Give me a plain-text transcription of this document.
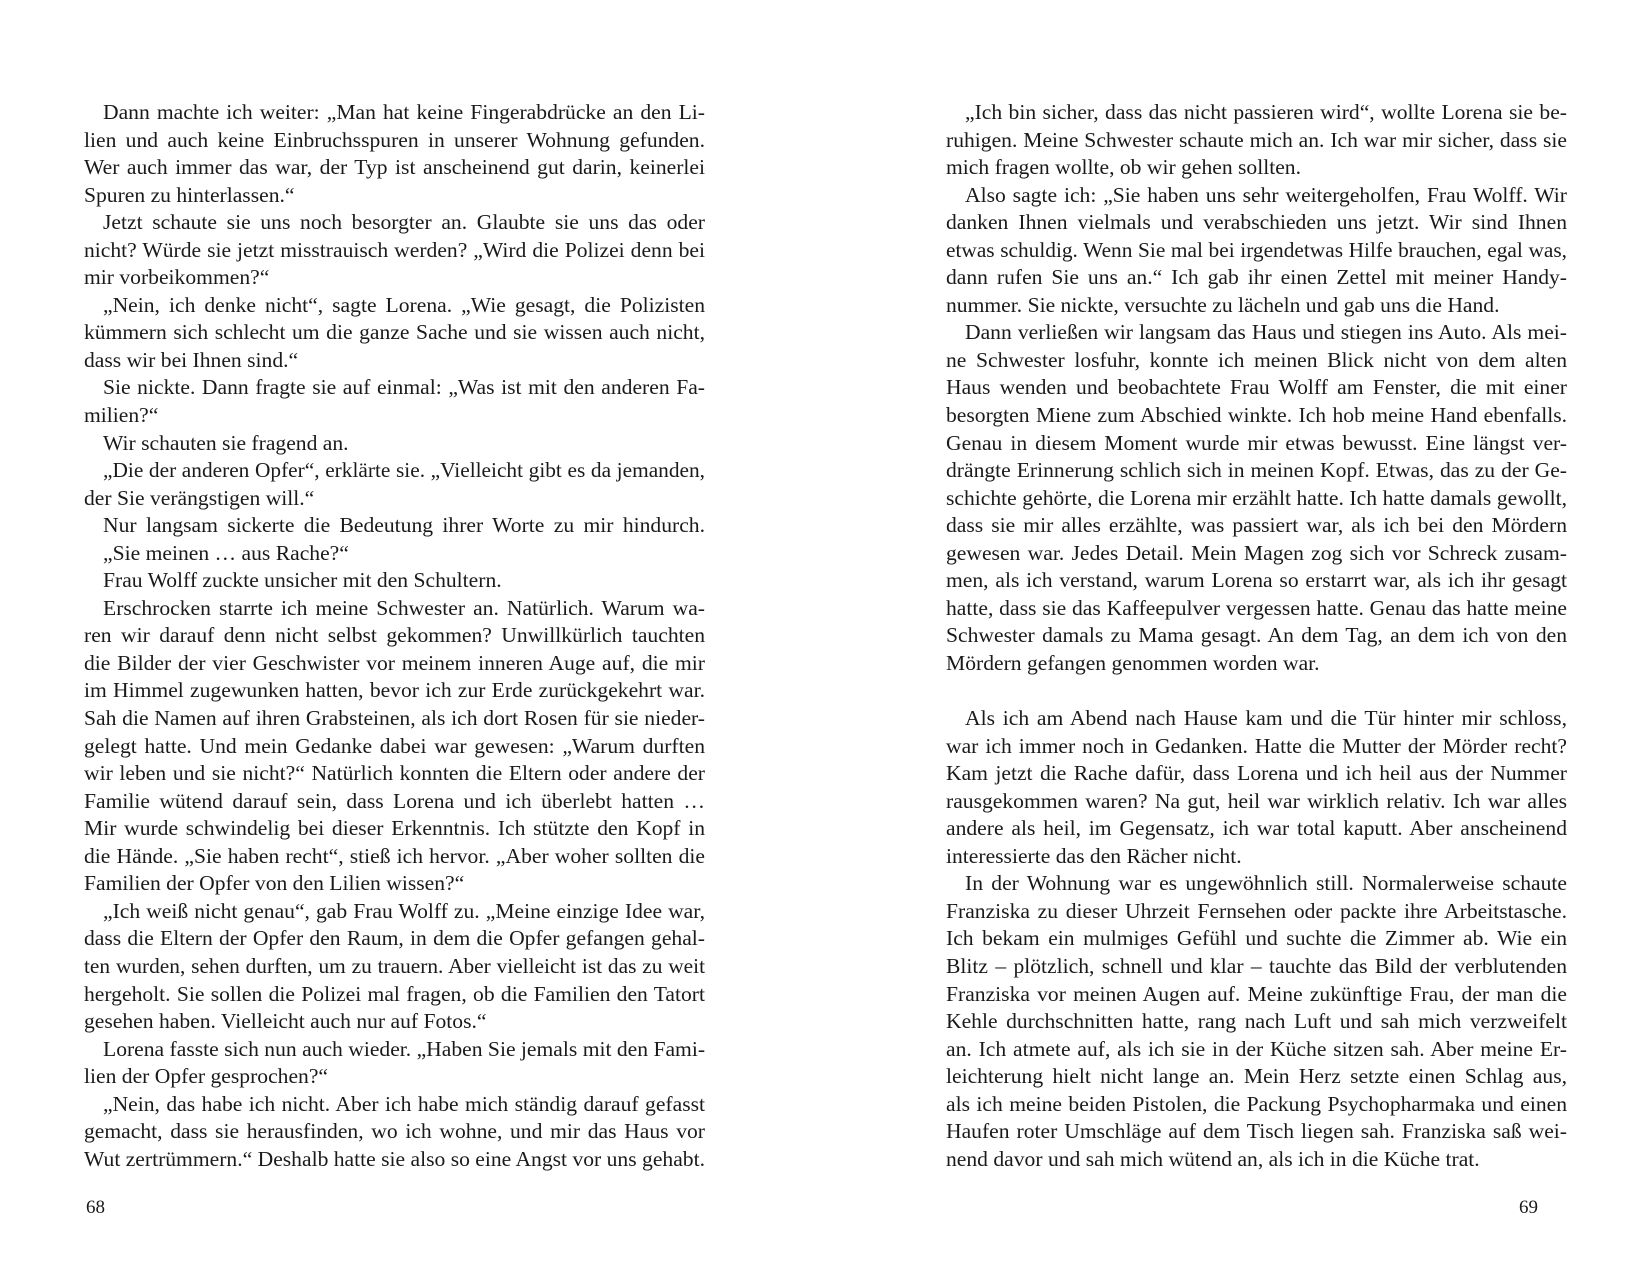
Dann machte ich weiter: „Man hat keine Fingerabdrücke an den Li-
lien und auch keine Einbruchsspuren in unserer Wohnung gefunden.
Wer auch immer das war, der Typ ist anscheinend gut darin, keinerlei
Spuren zu hinterlassen.“
Jetzt schaute sie uns noch besorgter an. Glaubte sie uns das oder
nicht? Würde sie jetzt misstrauisch werden? „Wird die Polizei denn bei
mir vorbeikommen?“
„Nein, ich denke nicht“, sagte Lorena. „Wie gesagt, die Polizisten
kümmern sich schlecht um die ganze Sache und sie wissen auch nicht,
dass wir bei Ihnen sind.“
Sie nickte. Dann fragte sie auf einmal: „Was ist mit den anderen Fa-
milien?“
Wir schauten sie fragend an.
„Die der anderen Opfer“, erklärte sie. „Vielleicht gibt es da jemanden,
der Sie verängstigen will.“
Nur langsam sickerte die Bedeutung ihrer Worte zu mir hindurch.
„Sie meinen … aus Rache?“
Frau Wolff zuckte unsicher mit den Schultern.
Erschrocken starrte ich meine Schwester an. Natürlich. Warum wa-
ren wir darauf denn nicht selbst gekommen? Unwillkürlich tauchten
die Bilder der vier Geschwister vor meinem inneren Auge auf, die mir
im Himmel zugewunken hatten, bevor ich zur Erde zurückgekehrt war.
Sah die Namen auf ihren Grabsteinen, als ich dort Rosen für sie nieder-
gelegt hatte. Und mein Gedanke dabei war gewesen: „Warum durften
wir leben und sie nicht?“ Natürlich konnten die Eltern oder andere der
Familie wütend darauf sein, dass Lorena und ich überlebt hatten …
Mir wurde schwindelig bei dieser Erkenntnis. Ich stützte den Kopf in
die Hände. „Sie haben recht“, stieß ich hervor. „Aber woher sollten die
Familien der Opfer von den Lilien wissen?“
„Ich weiß nicht genau“, gab Frau Wolff zu. „Meine einzige Idee war,
dass die Eltern der Opfer den Raum, in dem die Opfer gefangen gehal-
ten wurden, sehen durften, um zu trauern. Aber vielleicht ist das zu weit
hergeholt. Sie sollen die Polizei mal fragen, ob die Familien den Tatort
gesehen haben. Vielleicht auch nur auf Fotos.“
Lorena fasste sich nun auch wieder. „Haben Sie jemals mit den Fami-
lien der Opfer gesprochen?“
„Nein, das habe ich nicht. Aber ich habe mich ständig darauf gefasst
gemacht, dass sie herausfinden, wo ich wohne, und mir das Haus vor
Wut zertrümmern.“ Deshalb hatte sie also so eine Angst vor uns gehabt.
„Ich bin sicher, dass das nicht passieren wird“, wollte Lorena sie be-
ruhigen. Meine Schwester schaute mich an. Ich war mir sicher, dass sie
mich fragen wollte, ob wir gehen sollten.
Also sagte ich: „Sie haben uns sehr weitergeholfen, Frau Wolff. Wir
danken Ihnen vielmals und verabschieden uns jetzt. Wir sind Ihnen
etwas schuldig. Wenn Sie mal bei irgendetwas Hilfe brauchen, egal was,
dann rufen Sie uns an.“ Ich gab ihr einen Zettel mit meiner Handy-
nummer. Sie nickte, versuchte zu lächeln und gab uns die Hand.
Dann verließen wir langsam das Haus und stiegen ins Auto. Als mei-
ne Schwester losfuhr, konnte ich meinen Blick nicht von dem alten
Haus wenden und beobachtete Frau Wolff am Fenster, die mit einer
besorgten Miene zum Abschied winkte. Ich hob meine Hand ebenfalls.
Genau in diesem Moment wurde mir etwas bewusst. Eine längst ver-
drängte Erinnerung schlich sich in meinen Kopf. Etwas, das zu der Ge-
schichte gehörte, die Lorena mir erzählt hatte. Ich hatte damals gewollt,
dass sie mir alles erzählte, was passiert war, als ich bei den Mördern
gewesen war. Jedes Detail. Mein Magen zog sich vor Schreck zusam-
men, als ich verstand, warum Lorena so erstarrt war, als ich ihr gesagt
hatte, dass sie das Kaffeepulver vergessen hatte. Genau das hatte meine
Schwester damals zu Mama gesagt. An dem Tag, an dem ich von den
Mördern gefangen genommen worden war.
Als ich am Abend nach Hause kam und die Tür hinter mir schloss,
war ich immer noch in Gedanken. Hatte die Mutter der Mörder recht?
Kam jetzt die Rache dafür, dass Lorena und ich heil aus der Nummer
rausgekommen waren? Na gut, heil war wirklich relativ. Ich war alles
andere als heil, im Gegensatz, ich war total kaputt. Aber anscheinend
interessierte das den Rächer nicht.
In der Wohnung war es ungewöhnlich still. Normalerweise schaute
Franziska zu dieser Uhrzeit Fernsehen oder packte ihre Arbeitstasche.
Ich bekam ein mulmiges Gefühl und suchte die Zimmer ab. Wie ein
Blitz – plötzlich, schnell und klar – tauchte das Bild der verblutenden
Franziska vor meinen Augen auf. Meine zukünftige Frau, der man die
Kehle durchschnitten hatte, rang nach Luft und sah mich verzweifelt
an. Ich atmete auf, als ich sie in der Küche sitzen sah. Aber meine Er-
leichterung hielt nicht lange an. Mein Herz setzte einen Schlag aus,
als ich meine beiden Pistolen, die Packung Psychopharmaka und einen
Haufen roter Umschläge auf dem Tisch liegen sah. Franziska saß wei-
nend davor und sah mich wütend an, als ich in die Küche trat.
68	69
